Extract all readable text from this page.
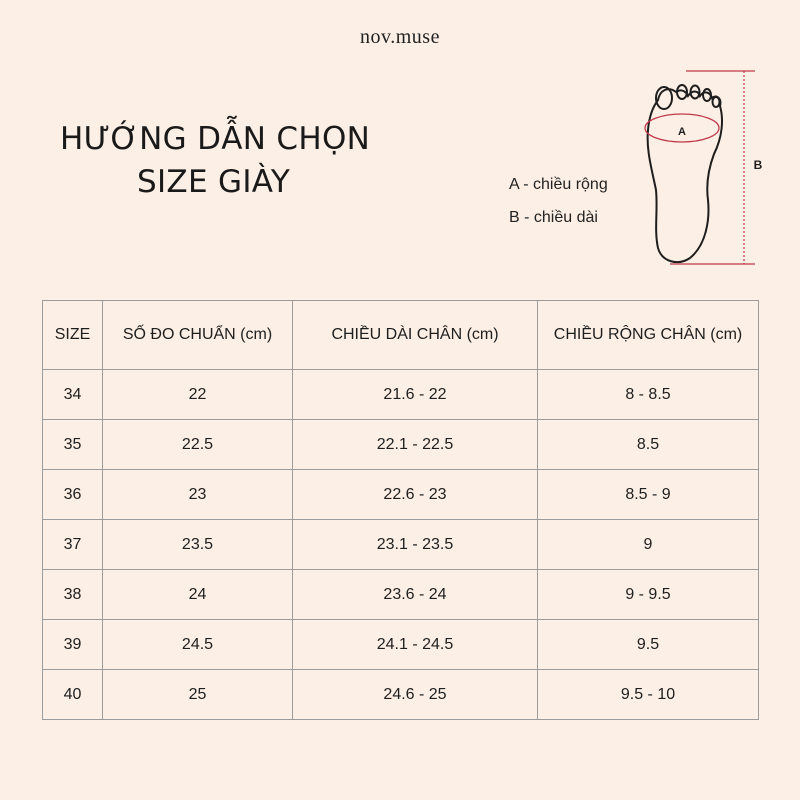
nov.muse
HƯỚNG DẪN CHỌN
SIZE GIÀY	A - chiều rộng
B - chiều dài
A
B
SIZE	SỐ ĐO CHUẨN (cm)	CHIỀU DÀI CHÂN (cm)	CHIỀU RỘNG CHÂN (cm)
34	22	21.6 - 22	8 - 8.5
35	22.5	22.1 - 22.5	8.5
36	23	22.6 - 23	8.5 - 9
37	23.5	23.1 - 23.5	9
38	24	23.6 - 24	9 - 9.5
39	24.5	24.1 - 24.5	9.5
40	25	24.6 - 25	9.5 - 10
